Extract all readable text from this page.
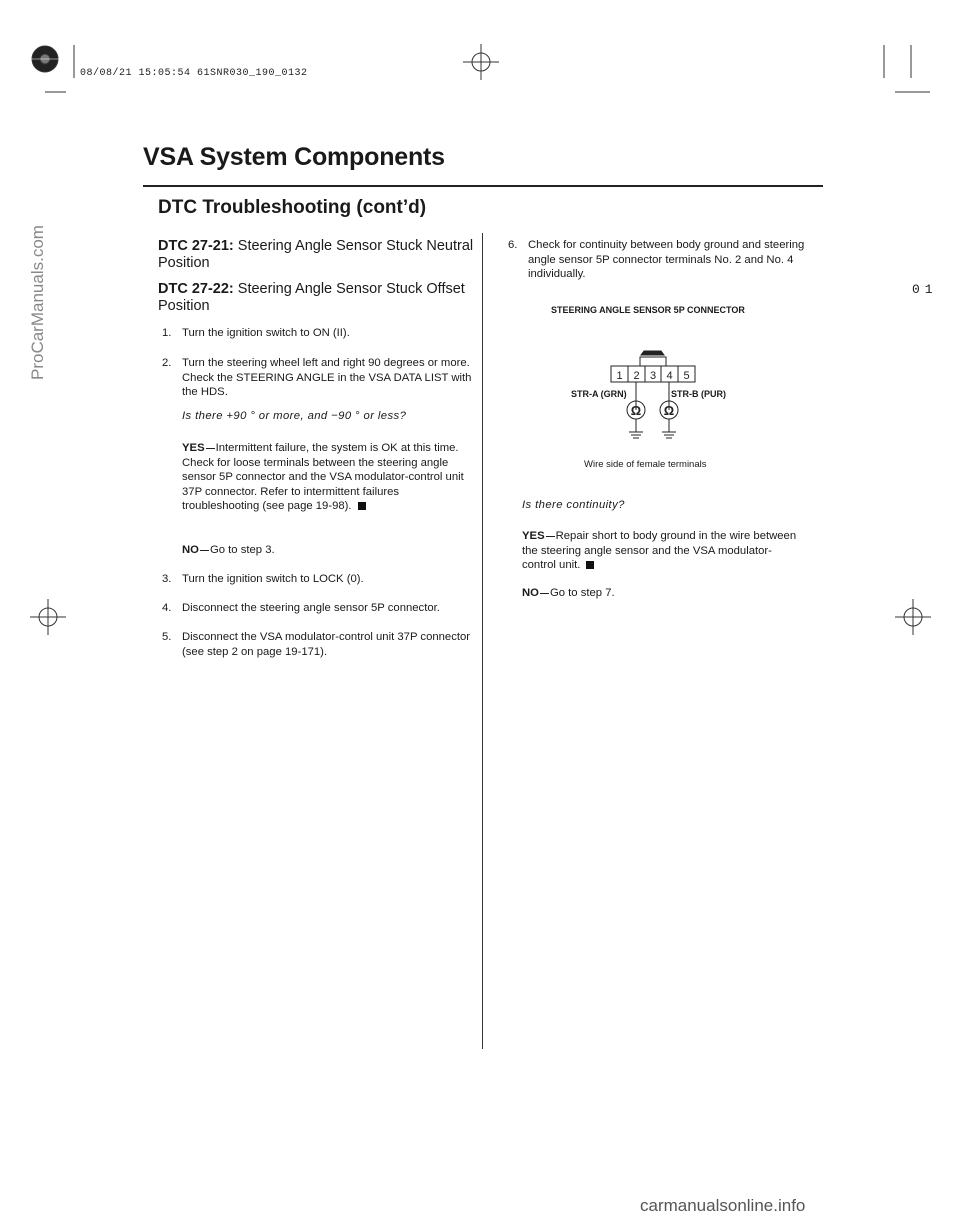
08/08/21 15:05:54 61SNR030_190_0132
VSA System Components
DTC Troubleshooting (cont’d)
01
DTC 27-21: Steering Angle Sensor Stuck Neutral Position
DTC 27-22: Steering Angle Sensor Stuck Offset Position
1. Turn the ignition switch to ON (II).
2. Turn the steering wheel left and right 90 degrees or more. Check the STEERING ANGLE in the VSA DATA LIST with the HDS.
Is there +90 ° or more, and −90 ° or less?
YES Intermittent failure, the system is OK at this time. Check for loose terminals between the steering angle sensor 5P connector and the VSA modulator-control unit 37P connector. Refer to intermittent failures troubleshooting (see page 19-98).
NO Go to step 3.
3. Turn the ignition switch to LOCK (0).
4. Disconnect the steering angle sensor 5P connector.
5. Disconnect the VSA modulator-control unit 37P connector (see step 2 on page 19-171).
6. Check for continuity between body ground and steering angle sensor 5P connector terminals No. 2 and No. 4 individually.
STEERING ANGLE SENSOR 5P CONNECTOR
1 2 3 4 5
Ω Ω
STR-A (GRN)	STR-B (PUR)
Wire side of female terminals
Is there continuity?
YES Repair short to body ground in the wire between the steering angle sensor and the VSA modulator-control unit.
NO Go to step 7.
ProCarManuals.com
carmanualsonline.info
